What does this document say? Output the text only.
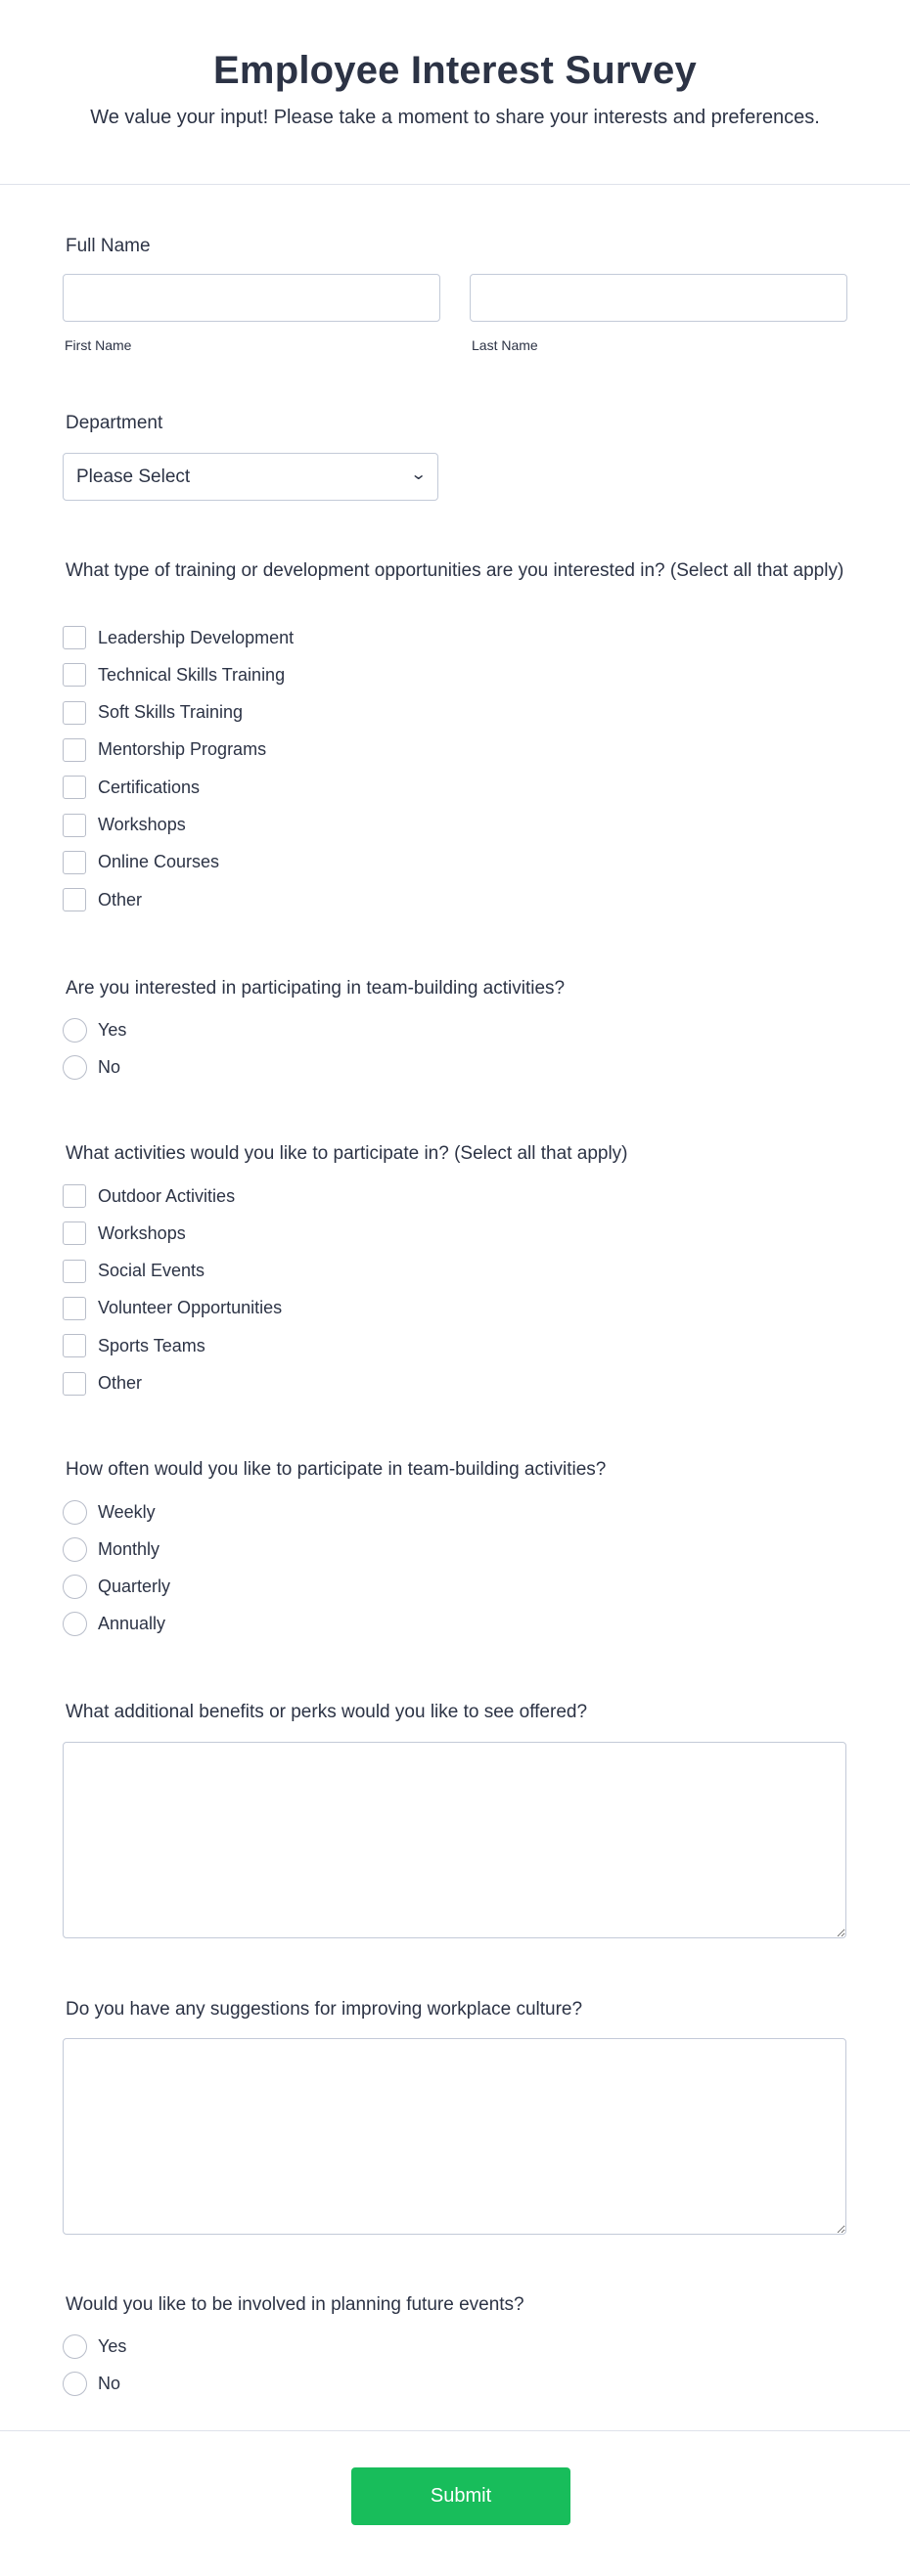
Employee Interest Survey
We value your input! Please take a moment to share your interests and preferences.
Full Name
First Name	Last Name
Department
Please Select	⌄
What type of training or development opportunities are you interested in? (Select all that apply)
Leadership Development
Technical Skills Training
Soft Skills Training
Mentorship Programs
Certifications
Workshops
Online Courses
Other
Are you interested in participating in team-building activities?
Yes
No
What activities would you like to participate in? (Select all that apply)
Outdoor Activities
Workshops
Social Events
Volunteer Opportunities
Sports Teams
Other
How often would you like to participate in team-building activities?
Weekly
Monthly
Quarterly
Annually
What additional benefits or perks would you like to see offered?
Do you have any suggestions for improving workplace culture?
Would you like to be involved in planning future events?
Yes
No
Submit
